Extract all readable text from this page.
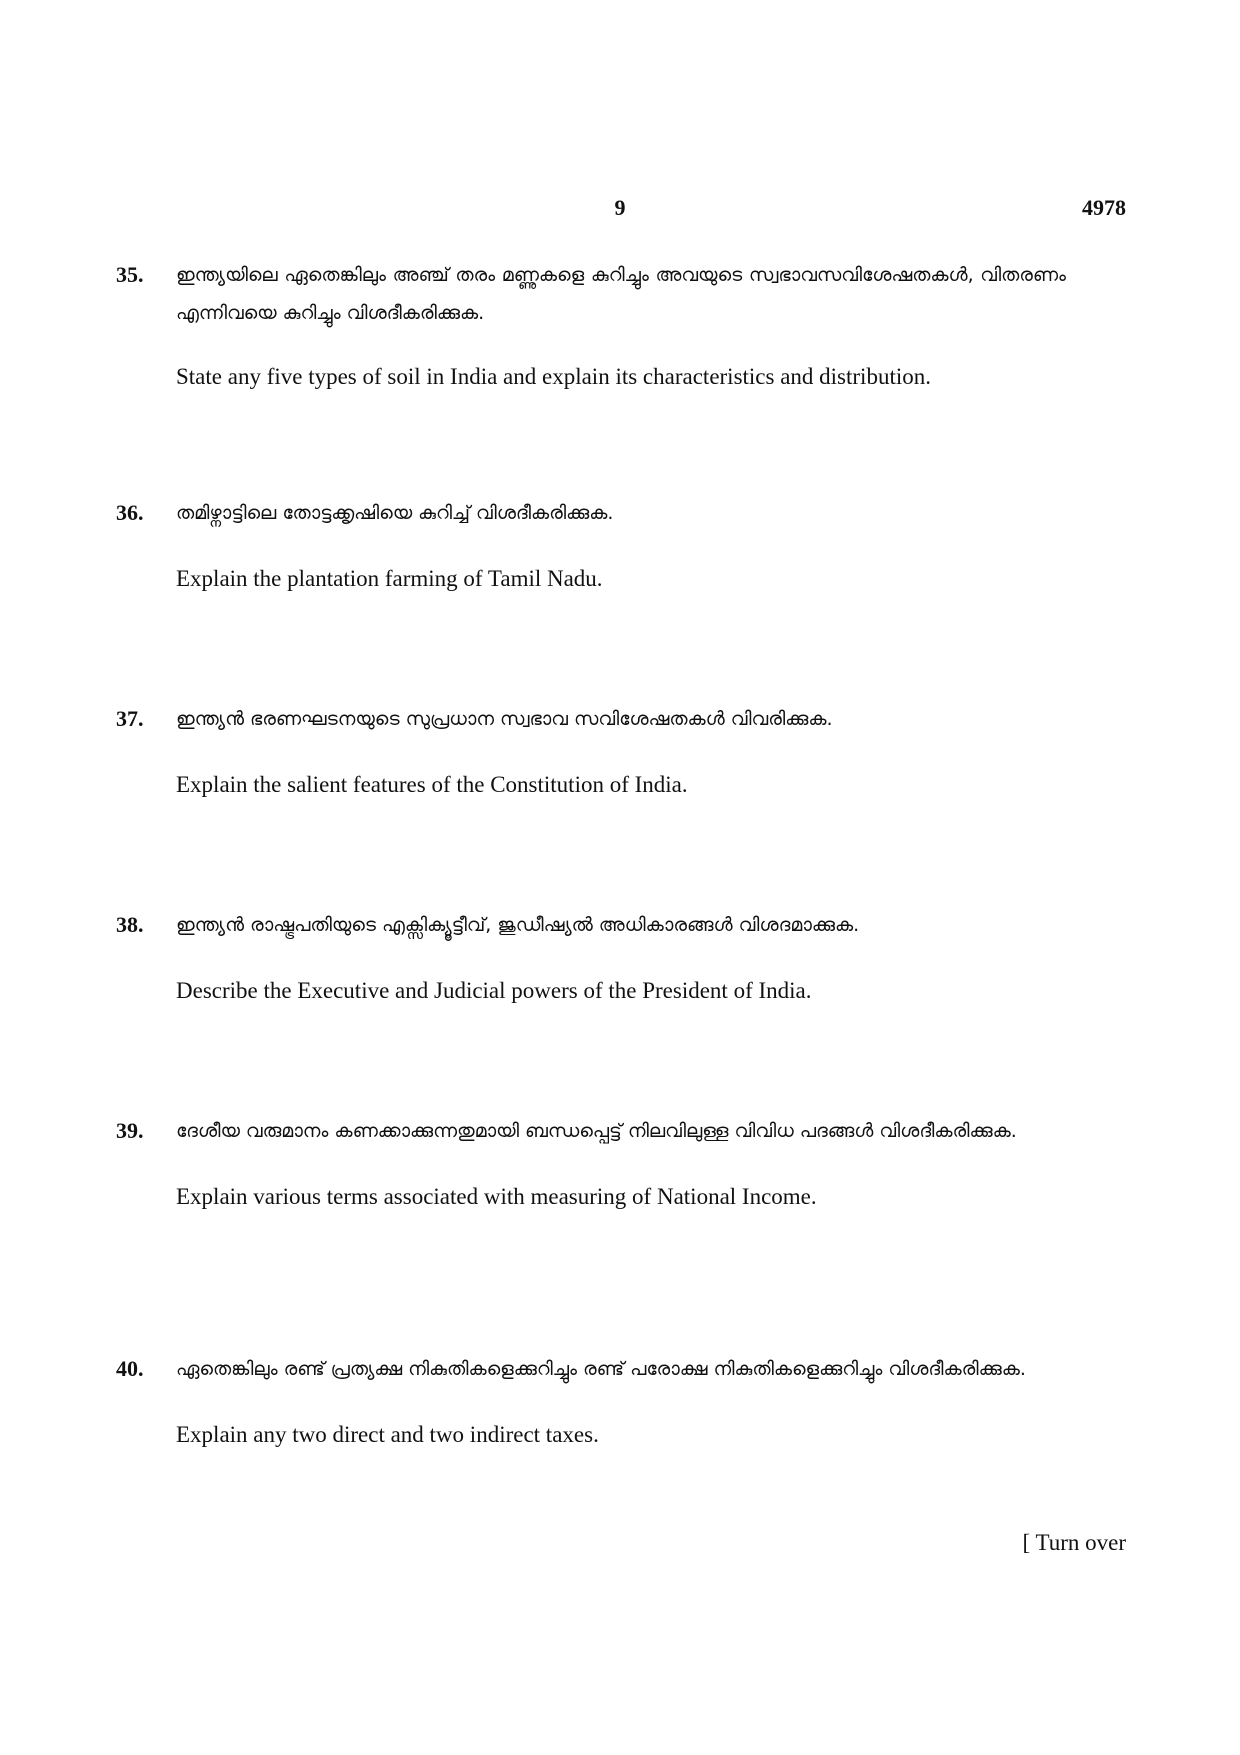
9	4978
35. ഇന്ത്യയിലെ ഏതെങ്കിലും അഞ്ച് തരം മണ്ണുകളെ കുറിച്ചും അവയുടെ സ്വഭാവസവിശേഷതകൾ, വിതരണം എന്നിവയെ കുറിച്ചും വിശദീകരിക്കുക.

State any five types of soil in India and explain its characteristics and distribution.

36. തമിഴ്നാട്ടിലെ തോട്ടക്കൃഷിയെ കുറിച്ച് വിശദീകരിക്കുക.

Explain the plantation farming of Tamil Nadu.

37. ഇന്ത്യൻ ഭരണഘടനയുടെ സുപ്രധാന സ്വഭാവ സവിശേഷതകൾ വിവരിക്കുക.

Explain the salient features of the Constitution of India.

38. ഇന്ത്യൻ രാഷ്ട്രപതിയുടെ എക്സിക്യൂട്ടീവ്, ജുഡീഷ്യൽ അധികാരങ്ങൾ വിശദമാക്കുക.

Describe the Executive and Judicial powers of the President of India.

39. ദേശീയ വരുമാനം കണക്കാക്കുന്നതുമായി ബന്ധപ്പെട്ട് നിലവിലുള്ള വിവിധ പദങ്ങൾ വിശദീകരിക്കുക.

Explain various terms associated with measuring of National Income.

40. ഏതെങ്കിലും രണ്ട് പ്രത്യക്ഷ നികുതികളെക്കുറിച്ചും രണ്ട് പരോക്ഷ നികുതികളെക്കുറിച്ചും വിശദീകരിക്കുക.

Explain any two direct and two indirect taxes.

[ Turn over
